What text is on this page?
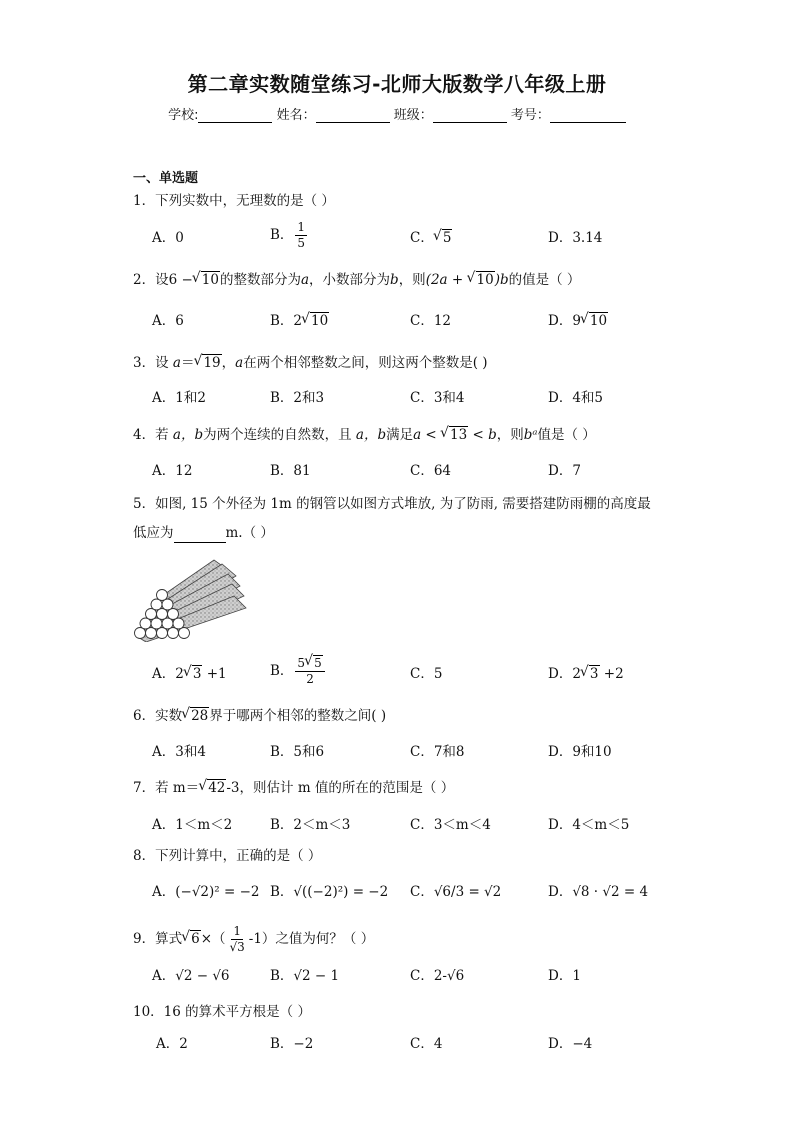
第二章实数随堂练习-北师大版数学八年级上册
学校:	姓名：	班级：	考号：
一、单选题
1．下列实数中，无理数的是（ ）
A．0	B． $\frac{1}{5}$	C． √ 5	D．3.14
2．设6 − √ 10的整数部分为a，小数部分为b，则(2a + √ 10)b的值是（ ）
A．6	B．2 √ 10	C．12	D．9 √ 10
3．设 a＝ √ 19，a在两个相邻整数之间，则这两个整数是( )
A．1和2	B．2和3	C．3和4	D．4和5
4．若 a，b为两个连续的自然数，且 a，b满足a < √ 13 < b，则bᵃ值是（ ）
A．12	B．81	C．64	D．7
5．如图, 15 个外径为 1m 的钢管以如图方式堆放, 为了防雨, 需要搭建防雨棚的高度最
低应为	m.（ ）
A．2 √ 3 +1	B． $\frac{5 √ 5}{2}$	C．5	D．2 √ 3 +2
6．实数 √ 28界于哪两个相邻的整数之间( )
A．3和4	B．5和6	C．7和8	D．9和10
7．若 m＝ √ 42-3，则估计 m 值的所在的范围是（ ）
A．1＜m＜2	B．2＜m＜3	C．3＜m＜4	D．4＜m＜5
8．下列计算中，正确的是（ ）
A．(−√2)² = −2 B．√((−2)²) = −2 C．√6/3 = √2	D．√8 · √2 = 4
9．算式 √ $6\times( \frac{1}{√3} -1)$之值为何？（ ）
A．√2 − √6	B．√2 − 1	C．2-√6	D．1
10．16 的算术平方根是（ ）
A．2	B．−2	C．4	D．−4
